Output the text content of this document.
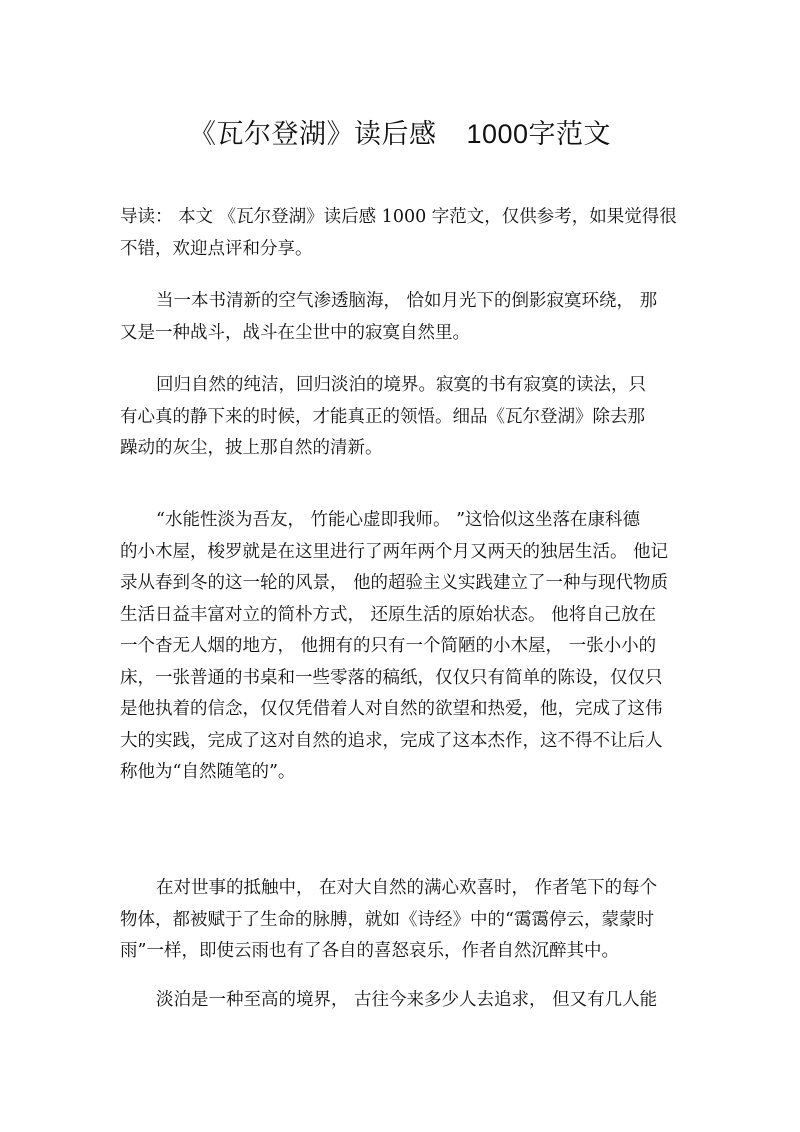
《瓦尔登湖》读后感 1000字范文
导读： 本文 《瓦尔登湖》读后感 1000 字范文，仅供参考，如果觉得很
不错，欢迎点评和分享。
当一本书清新的空气渗透脑海， 恰如月光下的倒影寂寞环绕， 那
又是一种战斗，战斗在尘世中的寂寞自然里。
回归自然的纯洁，回归淡泊的境界。寂寞的书有寂寞的读法，只
有心真的静下来的时候，才能真正的领悟。细品《瓦尔登湖》除去那
躁动的灰尘，披上那自然的清新。
“水能性淡为吾友， 竹能心虚即我师。 ”这恰似这坐落在康科德
的小木屋，梭罗就是在这里进行了两年两个月又两天的独居生活。 他记
录从春到冬的这一轮的风景， 他的超验主义实践建立了一种与现代物质
生活日益丰富对立的简朴方式， 还原生活的原始状态。 他将自己放在
一个杳无人烟的地方， 他拥有的只有一个简陋的小木屋， 一张小小的
床，一张普通的书桌和一些零落的稿纸，仅仅只有简单的陈设，仅仅只
是他执着的信念，仅仅凭借着人对自然的欲望和热爱，他，完成了这伟
大的实践，完成了这对自然的追求，完成了这本杰作，这不得不让后人
称他为“自然随笔的”。
在对世事的抵触中， 在对大自然的满心欢喜时， 作者笔下的每个
物体，都被赋于了生命的脉膊，就如《诗经》中的“霭霭停云，蒙蒙时
雨”一样，即使云雨也有了各自的喜怒哀乐，作者自然沉醉其中。
淡泊是一种至高的境界， 古往今来多少人去追求， 但又有几人能
